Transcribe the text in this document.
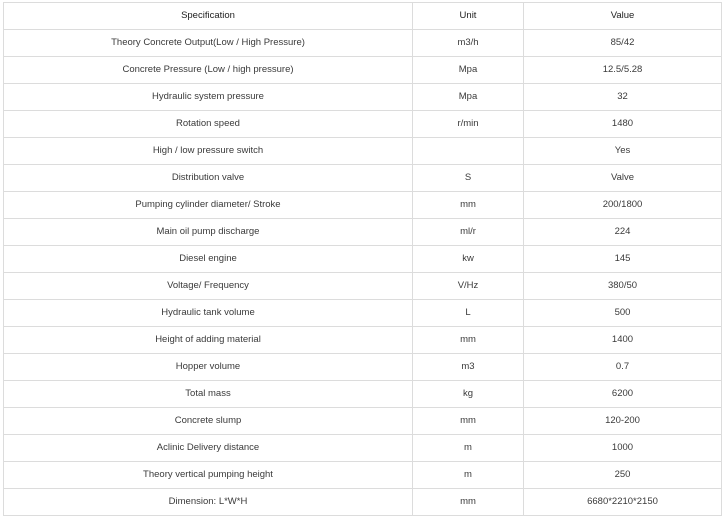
Specification	Unit	Value
Theory Concrete Output(Low / High Pressure)	m3/h	85/42
Concrete Pressure (Low / high pressure)	Mpa	12.5/5.28
Hydraulic system pressure	Mpa	32
Rotation speed	r/min	1480
High / low pressure switch		Yes
Distribution valve	S	Valve
Pumping cylinder diameter/ Stroke	mm	200/1800
Main oil pump discharge	ml/r	224
Diesel engine	kw	145
Voltage/ Frequency	V/Hz	380/50
Hydraulic tank volume	L	500
Height of adding material	mm	1400
Hopper volume	m3	0.7
Total mass	kg	6200
Concrete slump	mm	120-200
Aclinic Delivery distance	m	1000
Theory vertical pumping height	m	250
Dimension: L*W*H	mm	6680*2210*2150
